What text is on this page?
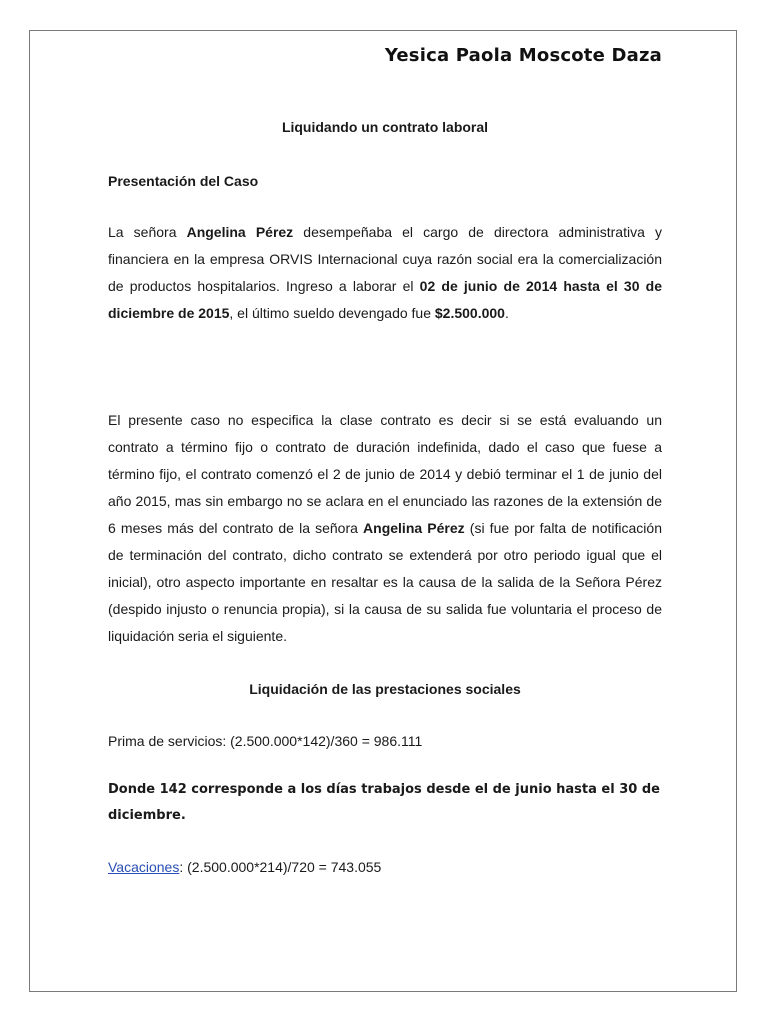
Yesica Paola Moscote Daza
Liquidando un contrato laboral
Presentación del Caso
La señora Angelina Pérez desempeñaba el cargo de directora administrativa y financiera en la empresa ORVIS Internacional cuya razón social era la comercialización de productos hospitalarios. Ingreso a laborar el 02 de junio de 2014 hasta el 30 de diciembre de 2015, el último sueldo devengado fue $2.500.000.
El presente caso no especifica la clase contrato es decir si se está evaluando un contrato a término fijo o contrato de duración indefinida, dado el caso que fuese a término fijo, el contrato comenzó el 2 de junio de 2014 y debió terminar el 1 de junio del año 2015, mas sin embargo no se aclara en el enunciado las razones de la extensión de 6 meses más del contrato de la señora Angelina Pérez (si fue por falta de notificación de terminación del contrato, dicho contrato se extenderá por otro periodo igual que el inicial), otro aspecto importante en resaltar es la causa de la salida de la Señora Pérez (despido injusto o renuncia propia), si la causa de su salida fue voluntaria el proceso de liquidación seria el siguiente.
Liquidación de las prestaciones sociales
Prima de servicios: (2.500.000*142)/360 = 986.111
Donde 142 corresponde a los días trabajos desde el de junio hasta el 30 de diciembre.
Vacaciones: (2.500.000*214)/720 = 743.055
